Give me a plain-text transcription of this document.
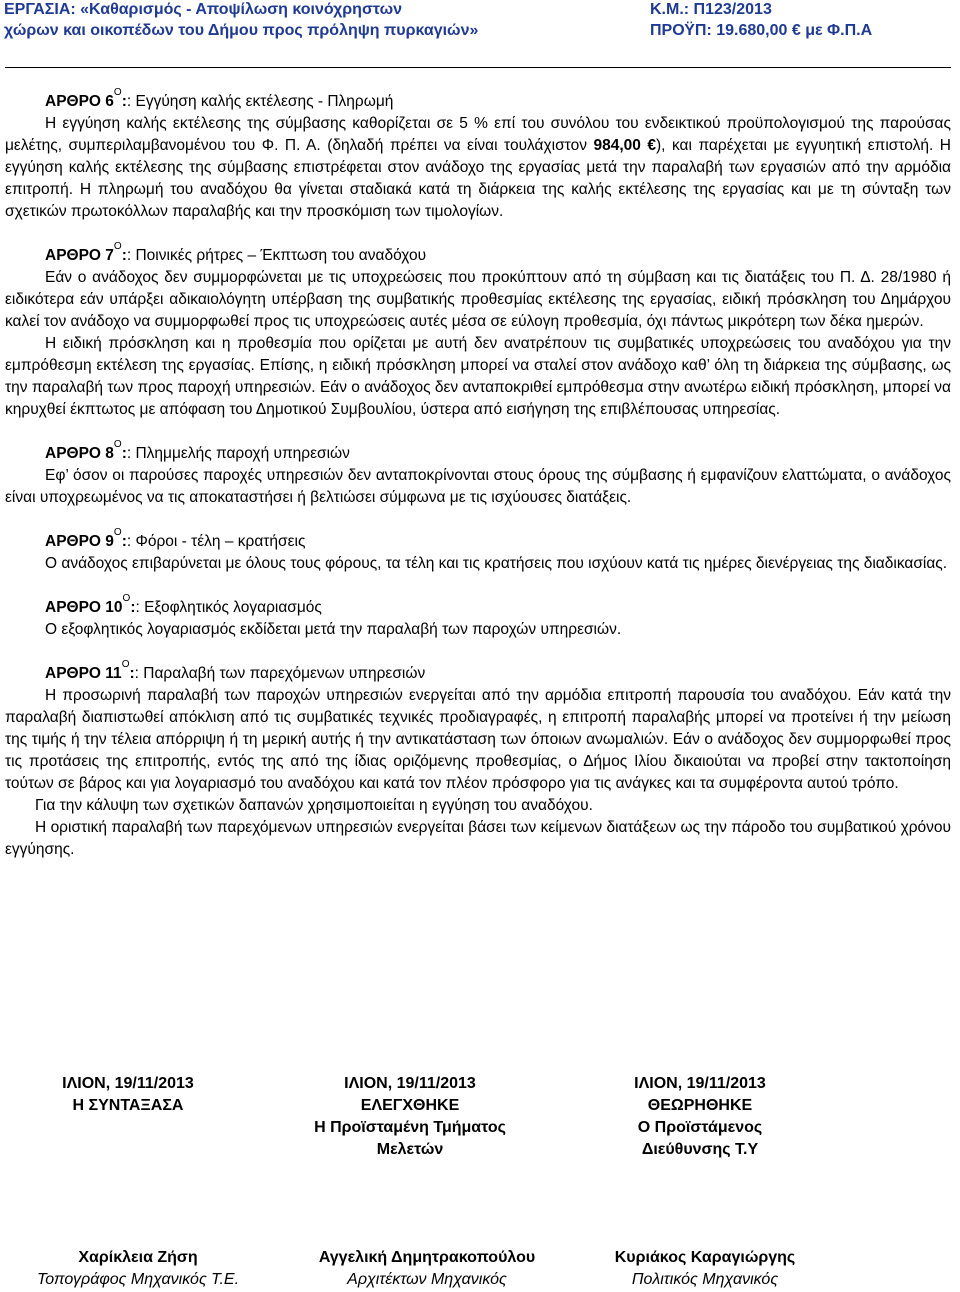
ΕΡΓΑΣΙΑ: «Καθαρισμός - Αποψίλωση κοινόχρηστων
χώρων και οικοπέδων του Δήμου προς πρόληψη πυρκαγιών»
Κ.Μ.: Π123/2013
ΠΡΟΫΠ: 19.680,00 € με Φ.Π.Α

ΑΡΘΡΟ $6^O$:: Εγγύηση καλής εκτέλεσης - Πληρωμή

Η εγγύηση καλής εκτέλεσης της σύμβασης καθορίζεται σε 5 % επί του συνόλου του ενδεικτικού προϋπολογισμού της παρούσας μελέτης, συμπεριλαμβανομένου του Φ. Π. Α. (δηλαδή πρέπει να είναι τουλάχιστον 984,00 €), και παρέχεται με εγγυητική επιστολή. Η εγγύηση καλής εκτέλεσης της σύμβασης επιστρέφεται στον ανάδοχο της εργασίας μετά την παραλαβή των εργασιών από την αρμόδια επιτροπή. Η πληρωμή του αναδόχου θα γίνεται σταδιακά κατά τη διάρκεια της καλής εκτέλεσης της εργασίας και με τη σύνταξη των σχετικών πρωτοκόλλων παραλαβής και την προσκόμιση των τιμολογίων.

ΑΡΘΡΟ $7^O$:: Ποινικές ρήτρες – Έκπτωση του αναδόχου

Εάν ο ανάδοχος δεν συμμορφώνεται με τις υποχρεώσεις που προκύπτουν από τη σύμβαση και τις διατάξεις του Π. Δ. 28/1980 ή ειδικότερα εάν υπάρξει αδικαιολόγητη υπέρβαση της συμβατικής προθεσμίας εκτέλεσης της εργασίας, ειδική πρόσκληση του Δημάρχου καλεί τον ανάδοχο να συμμορφωθεί προς τις υποχρεώσεις αυτές μέσα σε εύλογη προθεσμία, όχι πάντως μικρότερη των δέκα ημερών.

Η ειδική πρόσκληση και η προθεσμία που ορίζεται με αυτή δεν ανατρέπουν τις συμβατικές υποχρεώσεις του αναδόχου για την εμπρόθεσμη εκτέλεση της εργασίας. Επίσης, η ειδική πρόσκληση μπορεί να σταλεί στον ανάδοχο καθ’ όλη τη διάρκεια της σύμβασης, ως την παραλαβή των προς παροχή υπηρεσιών. Εάν ο ανάδοχος δεν ανταποκριθεί εμπρόθεσμα στην ανωτέρω ειδική πρόσκληση, μπορεί να κηρυχθεί έκπτωτος με απόφαση του Δημοτικού Συμβουλίου, ύστερα από εισήγηση της επιβλέπουσας υπηρεσίας.

ΑΡΘΡΟ $8^O$:: Πλημμελής παροχή υπηρεσιών

Εφ’ όσον οι παρούσες παροχές υπηρεσιών δεν ανταποκρίνονται στους όρους της σύμβασης ή εμφανίζουν ελαττώματα, ο ανάδοχος είναι υποχρεωμένος να τις αποκαταστήσει ή βελτιώσει σύμφωνα με τις ισχύουσες διατάξεις.

ΑΡΘΡΟ $9^O$:: Φόροι - τέλη – κρατήσεις

Ο ανάδοχος επιβαρύνεται με όλους τους φόρους, τα τέλη και τις κρατήσεις που ισχύουν κατά τις ημέρες διενέργειας της διαδικασίας.

ΑΡΘΡΟ $10^O$:: Εξοφλητικός λογαριασμός

Ο εξοφλητικός λογαριασμός εκδίδεται μετά την παραλαβή των παροχών υπηρεσιών.

ΑΡΘΡΟ $11^O$:: Παραλαβή των παρεχόμενων υπηρεσιών

Η προσωρινή παραλαβή των παροχών υπηρεσιών ενεργείται από την αρμόδια επιτροπή παρουσία του αναδόχου. Εάν κατά την παραλαβή διαπιστωθεί απόκλιση από τις συμβατικές τεχνικές προδιαγραφές, η επιτροπή παραλαβής μπορεί να προτείνει ή την μείωση της τιμής ή την τέλεια απόρριψη ή τη μερική αυτής ή την αντικατάσταση των όποιων ανωμαλιών. Εάν ο ανάδοχος δεν συμμορφωθεί προς τις προτάσεις της επιτροπής, εντός της από της ίδιας οριζόμενης προθεσμίας, ο Δήμος Ιλίου δικαιούται να προβεί στην τακτοποίηση τούτων σε βάρος και για λογαριασμό του αναδόχου και κατά τον πλέον πρόσφορο για τις ανάγκες και τα συμφέροντα αυτού τρόπο.

Για την κάλυψη των σχετικών δαπανών χρησιμοποιείται η εγγύηση του αναδόχου.

Η οριστική παραλαβή των παρεχόμενων υπηρεσιών ενεργείται βάσει των κείμενων διατάξεων ως την πάροδο του συμβατικού χρόνου εγγύησης.

ΙΛΙΟΝ, 19/11/2013
Η ΣΥΝΤΑΞΑΣΑ
ΙΛΙΟΝ, 19/11/2013
ΕΛΕΓΧΘΗΚΕ
Η Προϊσταμένη Τμήματος
Μελετών
ΙΛΙΟΝ, 19/11/2013
ΘΕΩΡΗΘΗΚΕ
Ο Προϊστάμενος
Διεύθυνσης Τ.Υ
Χαρίκλεια Ζήση
Τοπογράφος Μηχανικός Τ.Ε.
Αγγελική Δημητρακοπούλου
Αρχιτέκτων Μηχανικός
Κυριάκος Καραγιώργης
Πολιτικός Μηχανικός
